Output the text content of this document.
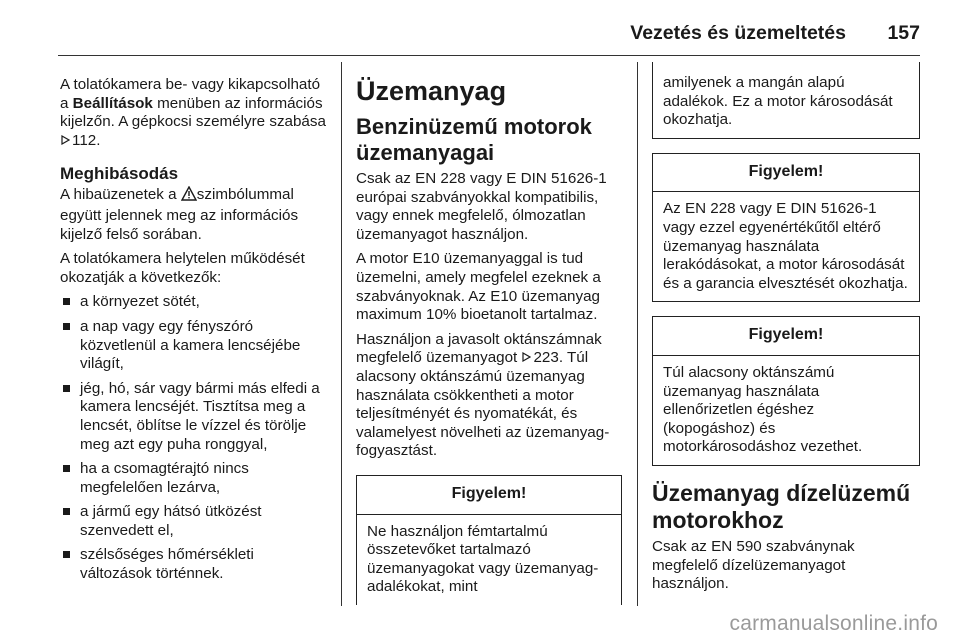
Vezetés és üzemeltetés 157

A tolatókamera be- vagy kikapcsolható a Beállítások menüben az információs kijelzőn. A gépkocsi személyre szabása 112.

Meghibásodás

A hibaüzenetek a szimbólummal együtt jelennek meg az információs kijelző felső sorában.

A tolatókamera helytelen működését okozatják a következők:

a környezet sötét,
a nap vagy egy fényszóró közvetlenül a kamera lencséjébe világít,
jég, hó, sár vagy bármi más elfedi a kamera lencséjét. Tisztítsa meg a lencsét, öblítse le vízzel és törölje meg azt egy puha ronggyal,
ha a csomagtérajtó nincs megfelelően lezárva,
a jármű egy hátsó ütközést szenvedett el,
szélsőséges hőmérsékleti változások történnek.
Üzemanyag
Benzinüzemű motorok üzemanyagai

Csak az EN 228 vagy E DIN 51626-1 európai szabványokkal kompatibilis, vagy ennek megfelelő, ólmozatlan üzemanyagot használjon.

A motor E10 üzemanyaggal is tud üzemelni, amely megfelel ezeknek a szabványoknak. Az E10 üzemanyag maximum 10% bioetanolt tartalmaz.

Használjon a javasolt oktánszámnak megfelelő üzemanyagot 223. Túl alacsony oktánszámú üzemanyag használata csökkentheti a motor teljesítményét és nyomatékát, és valamelyest növelheti az üzemanyag-fogyasztást.

Figyelem!
Ne használjon fémtartalmú összetevőket tartalmazó üzemanyagokat vagy üzemanyag-adalékokat, mint
amilyenek a mangán alapú adalékok. Ez a motor károsodását okozhatja.
Figyelem!
Az EN 228 vagy E DIN 51626-1 vagy ezzel egyenértékűtől eltérő üzemanyag használata lerakódásokat, a motor károsodását és a garancia elvesztését okozhatja.
Figyelem!
Túl alacsony oktánszámú üzemanyag használata ellenőrizetlen égéshez (kopogáshoz) és motorkárosodáshoz vezethet.
Üzemanyag dízelüzemű motorokhoz

Csak az EN 590 szabványnak megfelelő dízelüzemanyagot használjon.

carmanualsonline.info
